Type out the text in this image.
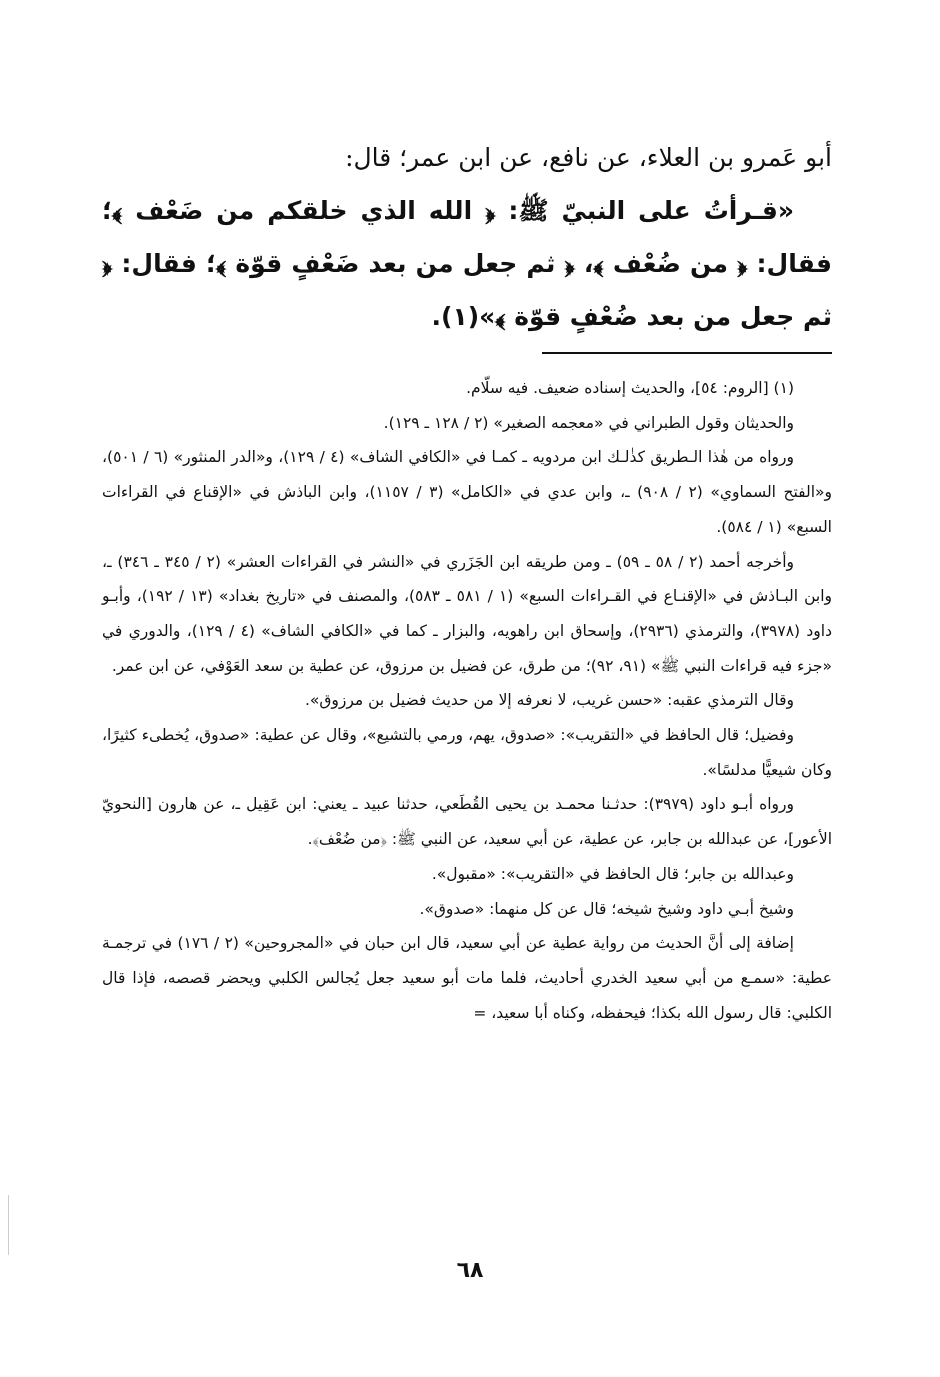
أبو عَمرو بن العلاء، عن نافع، عن ابن عمر؛ قال:

«قـرأتُ على النبيّ ﷺ: ﴿ الله الذي خلقكم من ضَعْف ﴾؛ فقال: ﴿ من ضُعْف ﴾، ﴿ ثم جعل من بعد ضَعْفٍ قوّة ﴾؛ فقال: ﴿ ثم جعل من بعد ضُعْفٍ قوّة ﴾»(١).

(١) [الروم: ٥٤]، والحديث إسناده ضعيف. فيه سلّام.

والحديثان وقول الطبراني في «معجمه الصغير» (٢ / ١٢٨ ـ ١٢٩).

ورواه من هٰذا الـطريق كذٰلـك ابن مردويه ـ كمـا في «الكافي الشاف» (٤ / ١٢٩)، و«الدر المنثور» (٦ / ٥٠١)، و«الفتح السماوي» (٢ / ٩٠٨) ـ، وابن عدي في «الكامل» (٣ / ١١٥٧)، وابن الباذش في «الإقناع في القراءات السبع» (١ / ٥٨٤).

وأخرجه أحمد (٢ / ٥٨ ـ ٥٩) ـ ومن طريقه ابن الجَزَري في «النشر في القراءات العشر» (٢ / ٣٤٥ ـ ٣٤٦) ـ، وابن البـاذش في «الإقنـاع في القـراءات السبع» (١ / ٥٨١ ـ ٥٨٣)، والمصنف في «تاريخ بغداد» (١٣ / ١٩٢)، وأبـو داود (٣٩٧٨)، والترمذي (٢٩٣٦)، وإسحاق ابن راهويه، والبزار ـ كما في «الكافي الشاف» (٤ / ١٢٩)، والدوري في «جزء فيه قراءات النبي ﷺ» (٩١، ٩٢)؛ من طرق، عن فضيل بن مرزوق، عن عطية بن سعد العَوْفي، عن ابن عمر.

وقال الترمذي عقبه: «حسن غريب، لا نعرفه إلا من حديث فضيل بن مرزوق».

وفضيل؛ قال الحافظ في «التقريب»: «صدوق، يهم، ورمي بالتشيع»، وقال عن عطية: «صدوق، يُخطىء كثيرًا، وكان شيعيًّا مدلسًا».

ورواه أبـو داود (٣٩٧٩): حدثـنا محمـد بن يحيى القُطَعي، حدثنا عبيد ـ يعني: ابن عَقِيل ـ، عن هارون [النحويّ الأعور]، عن عبدالله بن جابر، عن عطية، عن أبي سعيد، عن النبي ﷺ: ﴿من ضُعْف﴾.

وعبدالله بن جابر؛ قال الحافظ في «التقريب»: «مقبول».

وشيخ أبـي داود وشيخ شيخه؛ قال عن كل منهما: «صدوق».

إضافة إلى أنَّ الحديث من رواية عطية عن أبي سعيد، قال ابن حبان في «المجروحين» (٢ / ١٧٦) في ترجمـة عطية: «سمـع من أبي سعيد الخدري أحاديث، فلما مات أبو سعيد جعل يُجالس الكلبي ويحضر قصصه، فإذا قال الكلبي: قال رسول الله بكذا؛ فيحفظه، وكناه أبا سعيد، =

٦٨
